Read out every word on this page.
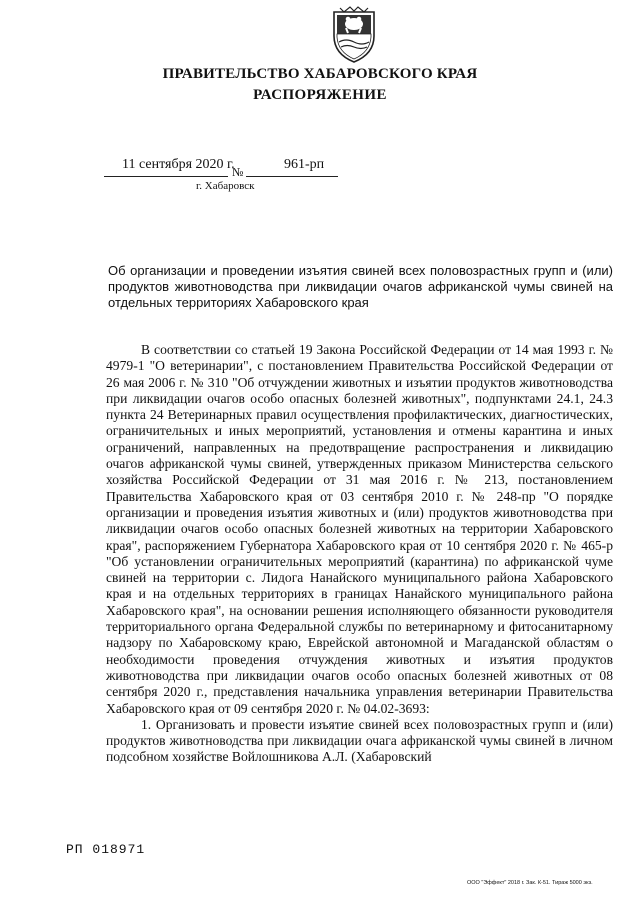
ПРАВИТЕЛЬСТВО ХАБАРОВСКОГО КРАЯ
РАСПОРЯЖЕНИЕ
11 сентября 2020 г.
№	961-рп
г. Хабаровск
Об организации и проведении изъятия свиней всех половозрастных групп и (или) продуктов животноводства при ликвидации очагов африканской чумы свиней на отдельных территориях Хабаровского края

В соответствии со статьей 19 Закона Российской Федерации от 14 мая 1993 г. № 4979-1 "О ветеринарии", с постановлением Правительства Российской Федерации от 26 мая 2006 г. № 310 "Об отчуждении животных и изъятии продуктов животноводства при ликвидации очагов особо опасных болезней животных", подпунктами 24.1, 24.3 пункта 24 Ветеринарных правил осуществления профилактических, диагностических, ограничительных и иных мероприятий, установления и отмены карантина и иных ограничений, направленных на предотвращение распространения и ликвидацию очагов африканской чумы свиней, утвержденных приказом Министерства сельского хозяйства Российской Федерации от 31 мая 2016 г. № 213, постановлением Правительства Хабаровского края от 03 сентября 2010 г. № 248-пр "О порядке организации и проведения изъятия животных и (или) продуктов животноводства при ликвидации очагов особо опасных болезней животных на территории Хабаровского края", распоряжением Губернатора Хабаровского края от 10 сентября 2020 г. № 465-р "Об установлении ограничительных мероприятий (карантина) по африканской чуме свиней на территории с. Лидога Нанайского муниципального района Хабаровского края и на отдельных территориях в границах Нанайского муниципального района Хабаровского края", на основании решения исполняющего обязанности руководителя территориального органа Федеральной службы по ветеринарному и фитосанитарному надзору по Хабаровскому краю, Еврейской автономной и Магаданской областям о необходимости проведения отчуждения животных и изъятия продуктов животноводства при ликвидации очагов особо опасных болезней животных от 08 сентября 2020 г., представления начальника управления ветеринарии Правительства Хабаровского края от 09 сентября 2020 г. № 04.02-3693:

1. Организовать и провести изъятие свиней всех половозрастных групп и (или) продуктов животноводства при ликвидации очага африканской чумы свиней в личном подсобном хозяйстве Войлошникова А.Л. (Хабаровский

РП 018971
ООО "Эффект" 2018 г. Зак. К-51. Тираж 5000 экз.
